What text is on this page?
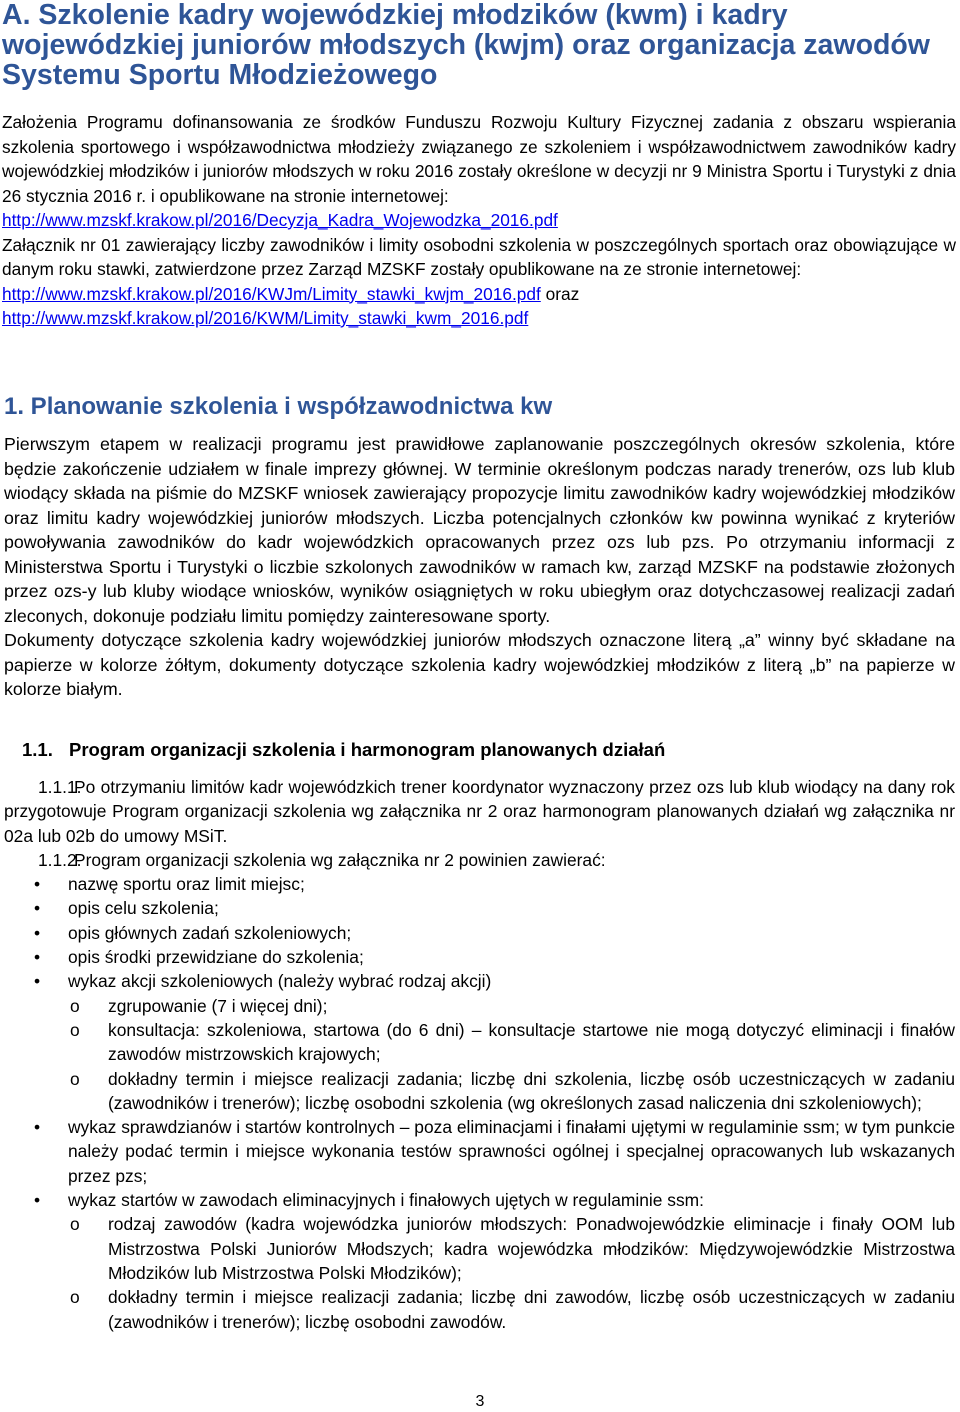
A. Szkolenie kadry wojewódzkiej młodzików (kwm) i kadry wojewódzkiej juniorów młodszych (kwjm) oraz organizacja zawodów Systemu Sportu Młodzieżowego

Założenia Programu dofinansowania ze środków Funduszu Rozwoju Kultury Fizycznej zadania z obszaru wspierania szkolenia sportowego i współzawodnictwa młodzieży związanego ze szkoleniem i współzawodnictwem zawodników kadry wojewódzkiej młodzików i juniorów młodszych w roku 2016 zostały określone w decyzji nr 9 Ministra Sportu i Turystyki z dnia 26 stycznia 2016 r. i opublikowane na stronie internetowej:
http://www.mzskf.krakow.pl/2016/Decyzja_Kadra_Wojewodzka_2016.pdf

Załącznik nr 01 zawierający liczby zawodników i limity osobodni szkolenia w poszczególnych sportach oraz obowiązujące w danym roku stawki, zatwierdzone przez Zarząd MZSKF zostały opublikowane na ze stronie internetowej:
http://www.mzskf.krakow.pl/2016/KWJm/Limity_stawki_kwjm_2016.pdf oraz
http://www.mzskf.krakow.pl/2016/KWM/Limity_stawki_kwm_2016.pdf

1. Planowanie szkolenia i współzawodnictwa kw

Pierwszym etapem w realizacji programu jest prawidłowe zaplanowanie poszczególnych okresów szkolenia, które będzie zakończenie udziałem w finale imprezy głównej. W terminie określonym podczas narady trenerów, ozs lub klub wiodący składa na piśmie do MZSKF wniosek zawierający propozycje limitu zawodników kadry wojewódzkiej młodzików oraz limitu kadry wojewódzkiej juniorów młodszych. Liczba potencjalnych członków kw powinna wynikać z kryteriów powoływania zawodników do kadr wojewódzkich opracowanych przez ozs lub pzs. Po otrzymaniu informacji z Ministerstwa Sportu i Turystyki o liczbie szkolonych zawodników w ramach kw, zarząd MZSKF na podstawie złożonych przez ozs-y lub kluby wiodące wniosków, wyników osiągniętych w roku ubiegłym oraz dotychczasowej realizacji zadań zleconych, dokonuje podziału limitu pomiędzy zainteresowane sporty.

Dokumenty dotyczące szkolenia kadry wojewódzkiej juniorów młodszych oznaczone literą „a” winny być składane na papierze w kolorze żółtym, dokumenty dotyczące szkolenia kadry wojewódzkiej młodzików z literą „b” na papierze w kolorze białym.

1.1. Program organizacji szkolenia i harmonogram planowanych działań

1.1.1.Po otrzymaniu limitów kadr wojewódzkich trener koordynator wyznaczony przez ozs lub klub wiodący na dany rok przygotowuje Program organizacji szkolenia wg załącznika nr 2 oraz harmonogram planowanych działań wg załącznika nr 02a lub 02b do umowy MSiT.

1.1.2.Program organizacji szkolenia wg załącznika nr 2 powinien zawierać:

• nazwę sportu oraz limit miejsc;
• opis celu szkolenia;
• opis głównych zadań szkoleniowych;
• opis środki przewidziane do szkolenia;
• wykaz akcji szkoleniowych (należy wybrać rodzaj akcji)
o zgrupowanie (7 i więcej dni);
o konsultacja: szkoleniowa, startowa (do 6 dni) – konsultacje startowe nie mogą dotyczyć eliminacji i finałów zawodów mistrzowskich krajowych;
o dokładny termin i miejsce realizacji zadania; liczbę dni szkolenia, liczbę osób uczestniczących w zadaniu (zawodników i trenerów); liczbę osobodni szkolenia (wg określonych zasad naliczenia dni szkoleniowych);
• wykaz sprawdzianów i startów kontrolnych – poza eliminacjami i finałami ujętymi w regulaminie ssm; w tym punkcie należy podać termin i miejsce wykonania testów sprawności ogólnej i specjalnej opracowanych lub wskazanych przez pzs;
• wykaz startów w zawodach eliminacyjnych i finałowych ujętych w regulaminie ssm:
o rodzaj zawodów (kadra wojewódzka juniorów młodszych: Ponadwojewódzkie eliminacje i finały OOM lub Mistrzostwa Polski Juniorów Młodszych; kadra wojewódzka młodzików: Międzywojewódzkie Mistrzostwa Młodzików lub Mistrzostwa Polski Młodzików);
o dokładny termin i miejsce realizacji zadania; liczbę dni zawodów, liczbę osób uczestniczących w zadaniu (zawodników i trenerów); liczbę osobodni zawodów.
3
